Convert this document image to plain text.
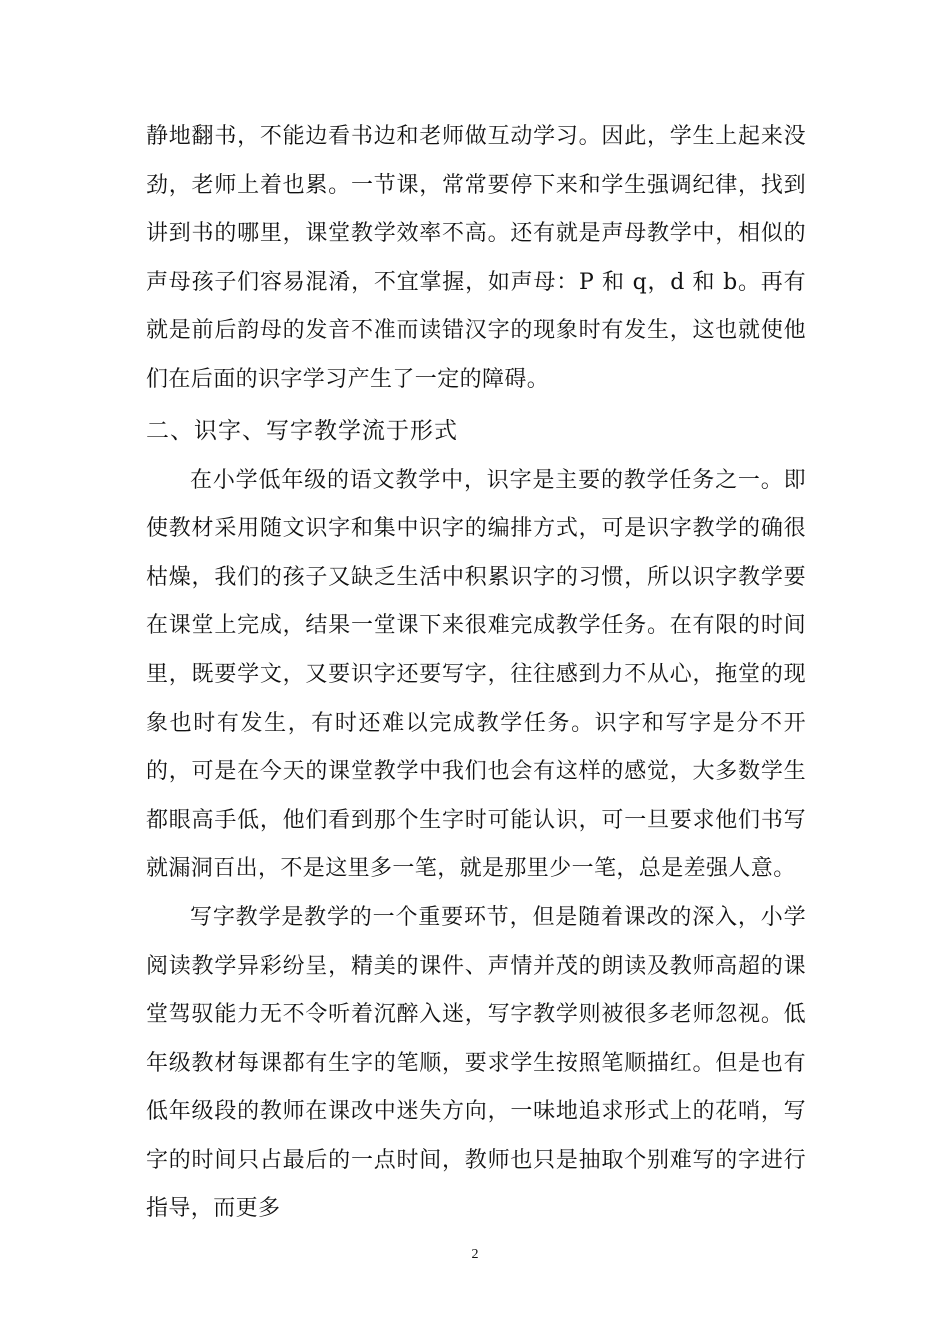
静地翻书，不能边看书边和老师做互动学习。因此，学生上起来没劲，老师上着也累。一节课，常常要停下来和学生强调纪律，找到讲到书的哪里，课堂教学效率不高。还有就是声母教学中，相似的声母孩子们容易混淆，不宜掌握，如声母：P 和 q，d 和 b。再有就是前后韵母的发音不准而读错汉字的现象时有发生，这也就使他们在后面的识字学习产生了一定的障碍。

二、识字、写字教学流于形式

在小学低年级的语文教学中，识字是主要的教学任务之一。即使教材采用随文识字和集中识字的编排方式，可是识字教学的确很枯燥，我们的孩子又缺乏生活中积累识字的习惯，所以识字教学要在课堂上完成，结果一堂课下来很难完成教学任务。在有限的时间里，既要学文，又要识字还要写字，往往感到力不从心，拖堂的现象也时有发生，有时还难以完成教学任务。识字和写字是分不开的，可是在今天的课堂教学中我们也会有这样的感觉，大多数学生都眼高手低，他们看到那个生字时可能认识，可一旦要求他们书写就漏洞百出，不是这里多一笔，就是那里少一笔，总是差强人意。

写字教学是教学的一个重要环节，但是随着课改的深入，小学阅读教学异彩纷呈，精美的课件、声情并茂的朗读及教师高超的课堂驾驭能力无不令听着沉醉入迷，写字教学则被很多老师忽视。低年级教材每课都有生字的笔顺，要求学生按照笔顺描红。但是也有低年级段的教师在课改中迷失方向，一味地追求形式上的花哨，写字的时间只占最后的一点时间，教师也只是抽取个别难写的字进行指导，而更多

2
